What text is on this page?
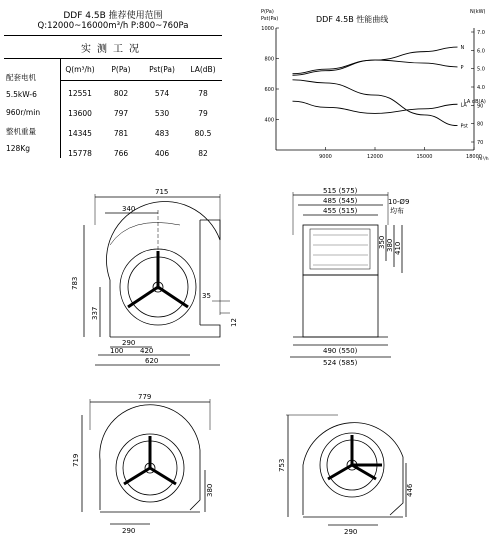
DDF 4.5B 推荐使用范围
Q:12000~16000m³/h P:800~760Pa
实测工况
配套电机
5.5kW-6
960r/min
整机重量
128Kg
Q(m³/h)	P(Pa)	Pst(Pa)	LA(dB)
12551	802	574	78
13600	797	530	79
14345	781	483	80.5
15778	766	406	82
DDF 4.5B 性能曲线
P(Pa)
Pst(Pa)
N(kW)
LA dB(A)
1000
800
600
400
7.0
6.0
5.0
4.0
90
80
70
9000	12000	15000	18000
m³/h
P
Pst
N
LA
715
340
783
337
35
12
290
100 420
620
515 (575)
485 (545)
455 (515)
10-Ø9
均布
350 380 410
490 (550)
524 (585)
779
719
380
290
753
446
290
